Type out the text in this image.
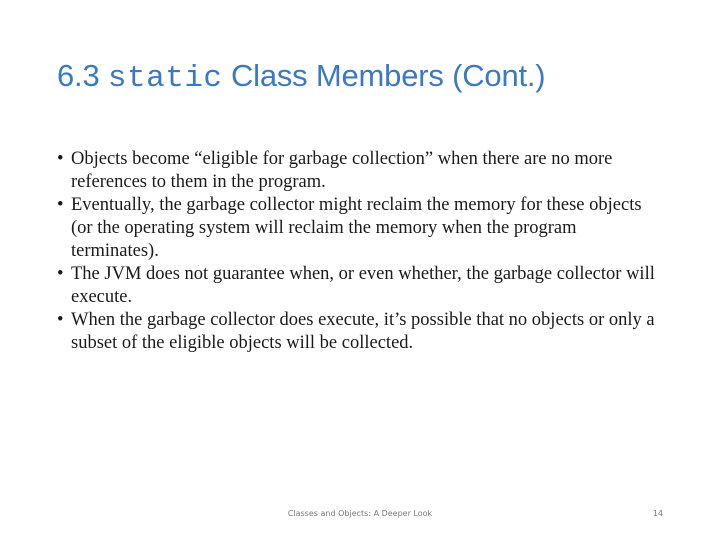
6.3 static Class Members (Cont.)
• Objects become “eligible for garbage collection” when there are no more references to them in the program.
• Eventually, the garbage collector might reclaim the memory for these objects (or the operating system will reclaim the memory when the program terminates).
• The JVM does not guarantee when, or even whether, the garbage collector will execute.
• When the garbage collector does execute, it’s possible that no objects or only a subset of the eligible objects will be collected.
Classes and Objects: A Deeper Look	14
